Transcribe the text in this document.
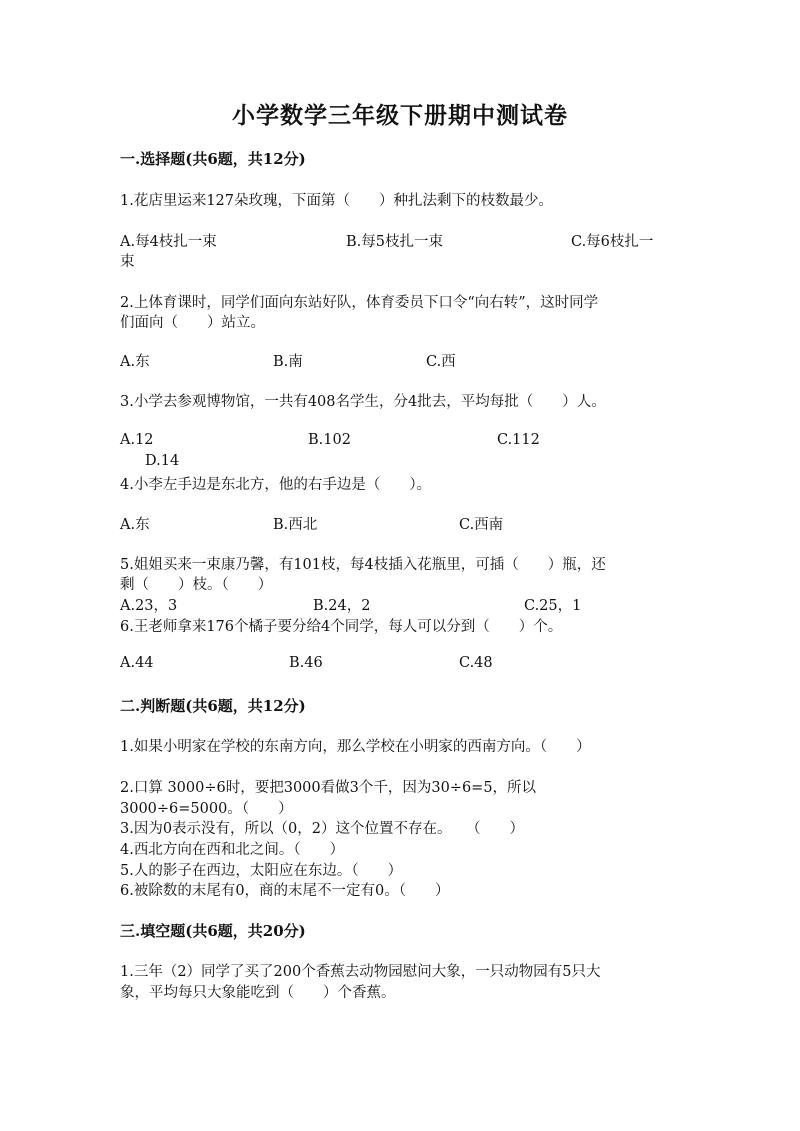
小学数学三年级下册期中测试卷
一.选择题(共6题，共12分)
1.花店里运来127朵玫瑰，下面第（　　）种扎法剩下的枝数最少。
A.每4枝扎一束	B.每5枝扎一束	C.每6枝扎一
束
2.上体育课时，同学们面向东站好队，体育委员下口令“向右转”，这时同学
们面向（　　）站立。
A.东	B.南	C.西
3.小学去参观博物馆，一共有408名学生，分4批去，平均每批（　　）人。
A.12	B.102	C.112
D.14
4.小李左手边是东北方，他的右手边是（　　）。
A.东	B.西北	C.西南
5.姐姐买来一束康乃馨，有101枝，每4枝插入花瓶里，可插（　　）瓶，还
剩（　　）枝。（　　）
A.23，3	B.24，2	C.25，1
6.王老师拿来176个橘子要分给4个同学，每人可以分到（　　）个。
A.44	B.46	C.48
二.判断题(共6题，共12分)
1.如果小明家在学校的东南方向，那么学校在小明家的西南方向。（　　）
2.口算 3000÷6时，要把3000看做3个千，因为30÷6=5，所以
3000÷6=5000。（　　）
3.因为0表示没有，所以（0，2）这个位置不存在。　　（　　）
4.西北方向在西和北之间。（　　）
5.人的影子在西边，太阳应在东边。（　　）
6.被除数的末尾有0，商的末尾不一定有0。（　　）
三.填空题(共6题，共20分)
1.三年（2）同学了买了200个香蕉去动物园慰问大象，一只动物园有5只大
象，平均每只大象能吃到（　　）个香蕉。
